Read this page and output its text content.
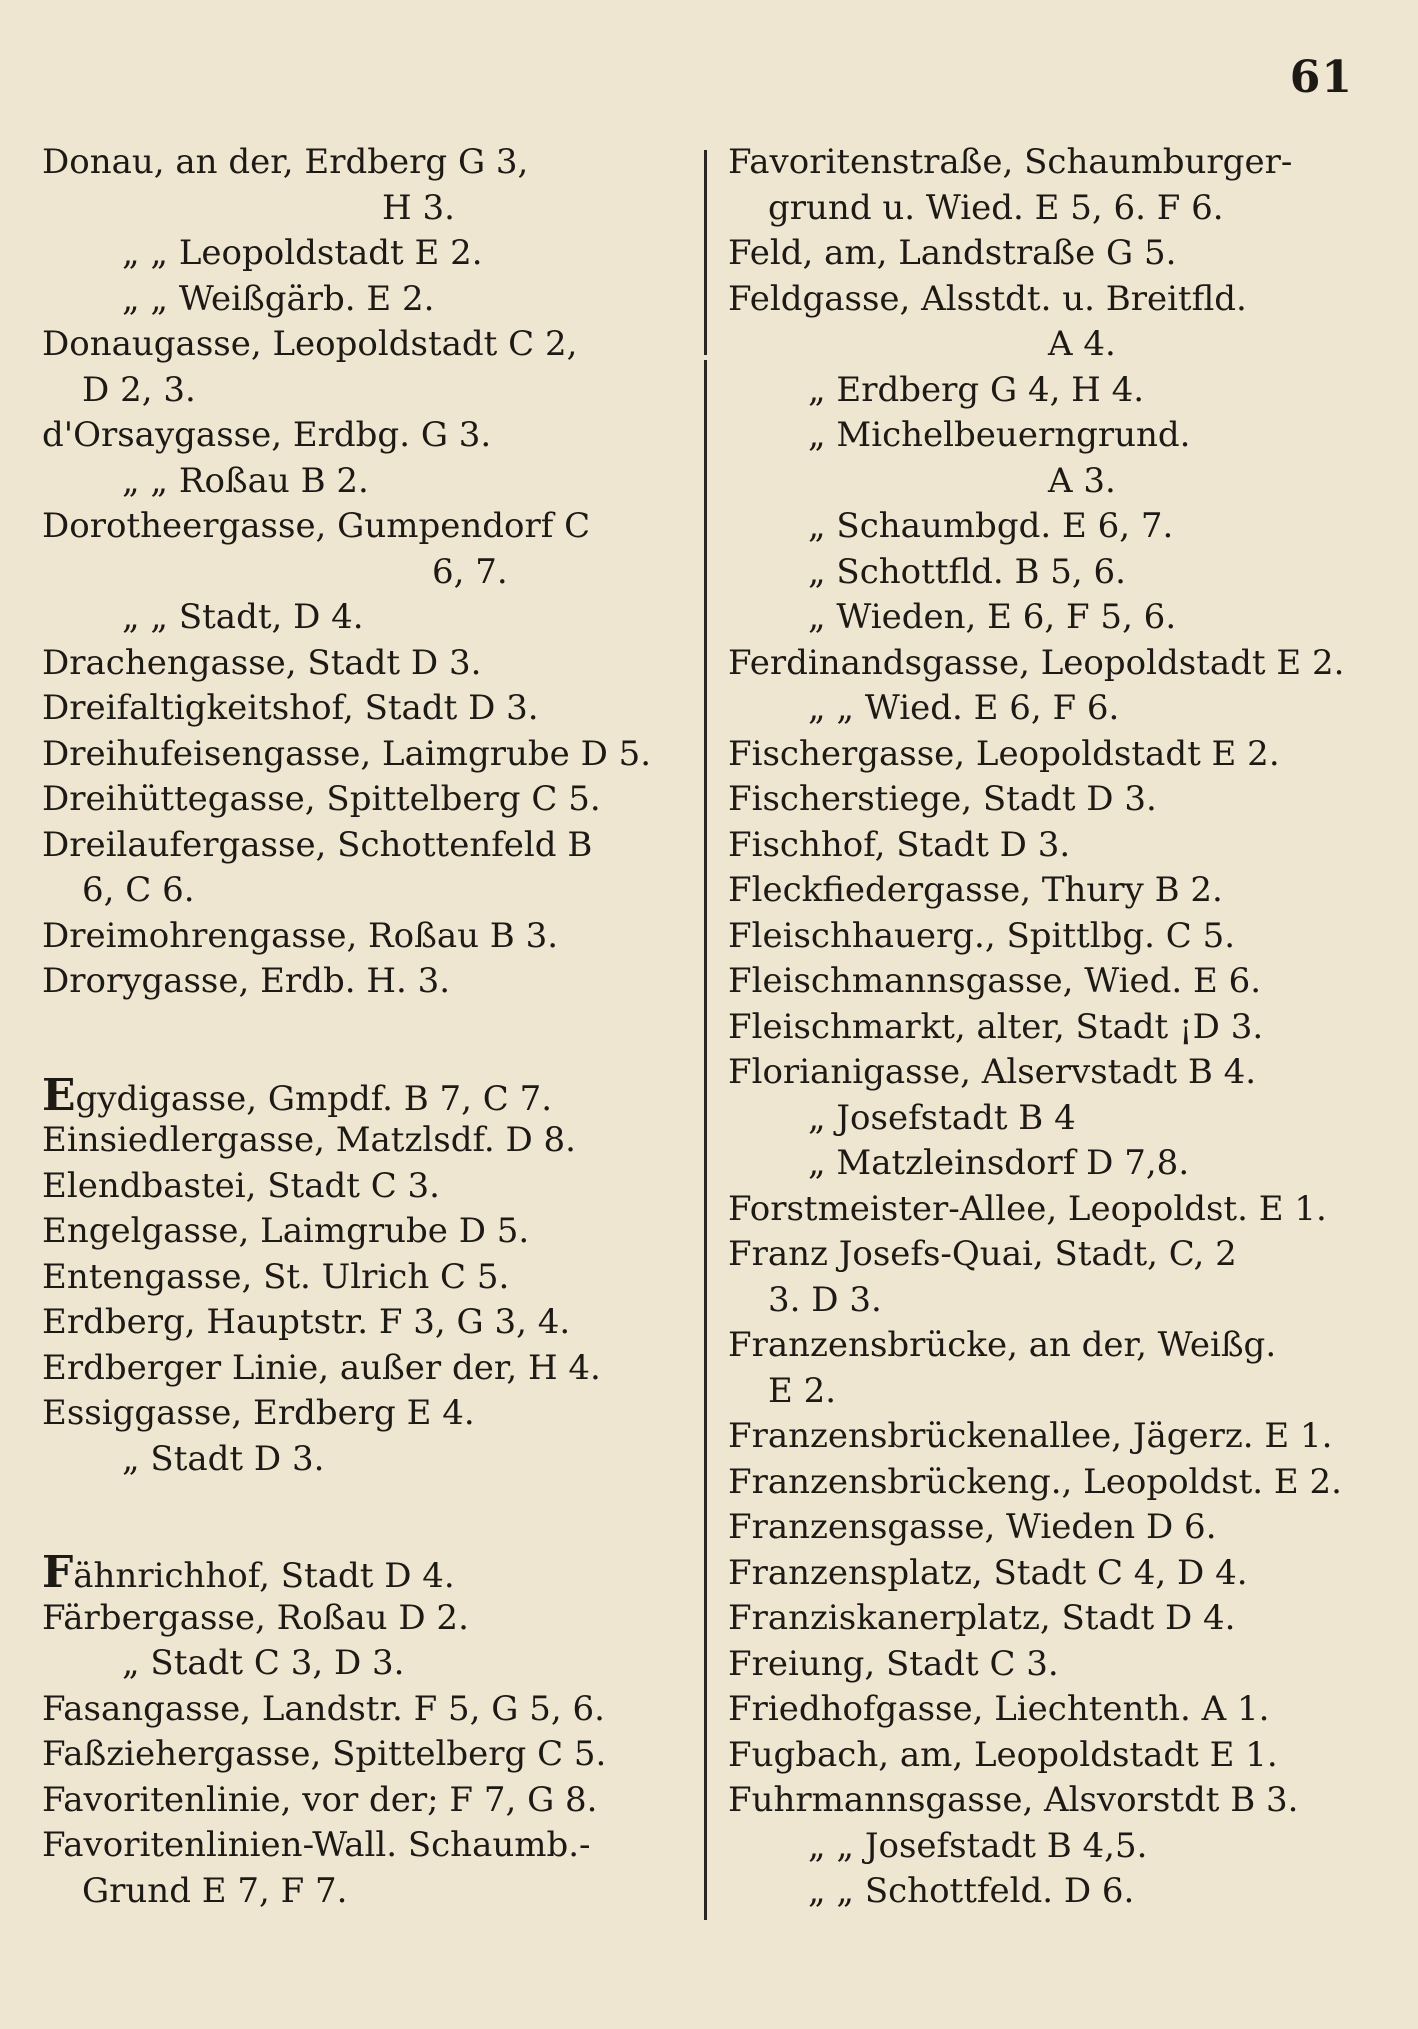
61
Donau, an der, Erdberg G 3,
H 3.
„ „ Leopoldstadt E 2.
„ „ Weißgärb. E 2.
Donaugasse, Leopoldstadt C 2,
D 2, 3.
d'Orsaygasse, Erdbg. G 3.
„ „ Roßau B 2.
Dorotheergasse, Gumpendorf C
6, 7.
„ „ Stadt, D 4.
Drachengasse, Stadt D 3.
Dreifaltigkeitshof, Stadt D 3.
Dreihufeisengasse, Laimgrube D 5.
Dreihüttegasse, Spittelberg C 5.
Dreilaufergasse, Schottenfeld B
6, C 6.
Dreimohrengasse, Roßau B 3.
Drorygasse, Erdb. H. 3.
Egydigasse, Gmpdf. B 7, C 7.
Einsiedlergasse, Matzlsdf. D 8.
Elendbastei, Stadt C 3.
Engelgasse, Laimgrube D 5.
Entengasse, St. Ulrich C 5.
Erdberg, Hauptstr. F 3, G 3, 4.
Erdberger Linie, außer der, H 4.
Essiggasse, Erdberg E 4.
„ Stadt D 3.
Fähnrichhof, Stadt D 4.
Färbergasse, Roßau D 2.
„ Stadt C 3, D 3.
Fasangasse, Landstr. F 5, G 5, 6.
Faßziehergasse, Spittelberg C 5.
Favoritenlinie, vor der; F 7, G 8.
Favoritenlinien-Wall. Schaumb.-
Grund E 7, F 7.
Favoritenstraße, Schaumburger-
grund u. Wied. E 5, 6. F 6.
Feld, am, Landstraße G 5.
Feldgasse, Alsstdt. u. Breitfld.
A 4.
„ Erdberg G 4, H 4.
„ Michelbeuerngrund.
A 3.
„ Schaumbgd. E 6, 7.
„ Schottfld. B 5, 6.
„ Wieden, E 6, F 5, 6.
Ferdinandsgasse, Leopoldstadt E 2.
„ „ Wied. E 6, F 6.
Fischergasse, Leopoldstadt E 2.
Fischerstiege, Stadt D 3.
Fischhof, Stadt D 3.
Fleckfiedergasse, Thury B 2.
Fleischhauerg., Spittlbg. C 5.
Fleischmannsgasse, Wied. E 6.
Fleischmarkt, alter, Stadt ¡D 3.
Florianigasse, Alservstadt B 4.
„ Josefstadt B 4
„ Matzleinsdorf D 7,8.
Forstmeister-Allee, Leopoldst. E 1.
Franz Josefs-Quai, Stadt, C, 2
3. D 3.
Franzensbrücke, an der, Weißg.
E 2.
Franzensbrückenallee, Jägerz. E 1.
Franzensbrückeng., Leopoldst. E 2.
Franzensgasse, Wieden D 6.
Franzensplatz, Stadt C 4, D 4.
Franziskanerplatz, Stadt D 4.
Freiung, Stadt C 3.
Friedhofgasse, Liechtenth. A 1.
Fugbach, am, Leopoldstadt E 1.
Fuhrmannsgasse, Alsvorstdt B 3.
„ „ Josefstadt B 4,5.
„ „ Schottfeld. D 6.
